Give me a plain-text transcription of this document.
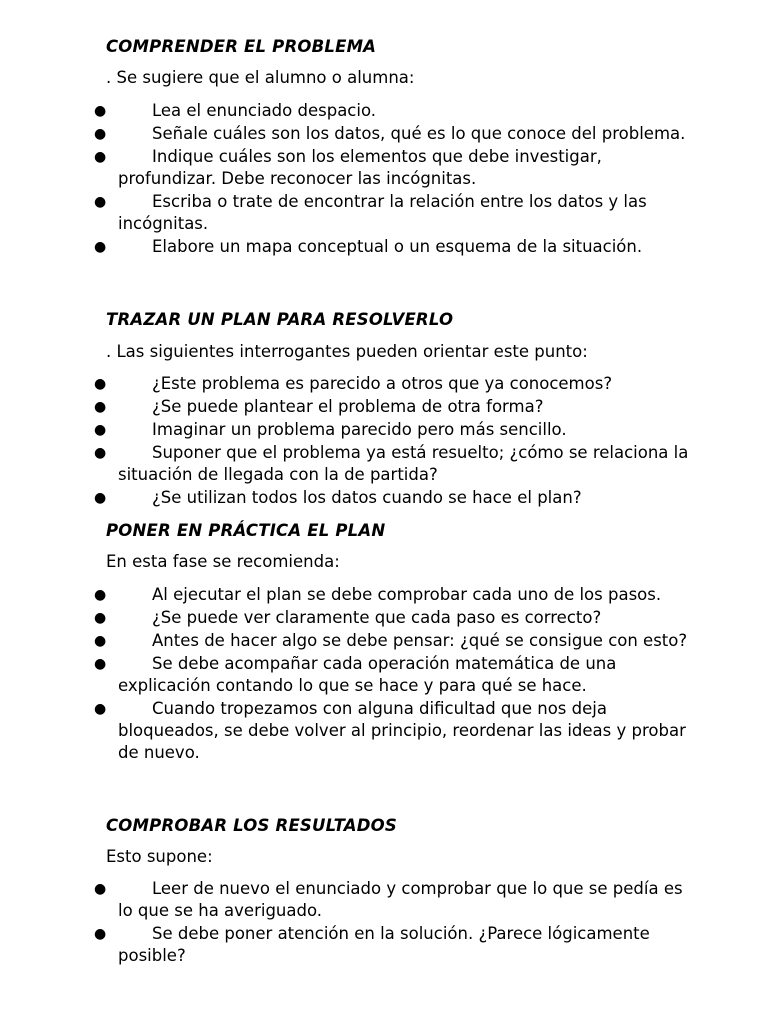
COMPRENDER EL PROBLEMA

. Se sugiere que el alumno o alumna:

●	Lea el enunciado despacio.
●	Señale cuáles son los datos, qué es lo que conoce del problema.
●	Indique cuáles son los elementos que debe investigar, profundizar. Debe reconocer las incógnitas.
●	Escriba o trate de encontrar la relación entre los datos y las incógnitas.
●	Elabore un mapa conceptual o un esquema de la situación.
TRAZAR UN PLAN PARA RESOLVERLO

. Las siguientes interrogantes pueden orientar este punto:

●	¿Este problema es parecido a otros que ya conocemos?
●	¿Se puede plantear el problema de otra forma?
●	Imaginar un problema parecido pero más sencillo.
●	Suponer que el problema ya está resuelto; ¿cómo se relaciona la situación de llegada con la de partida?
●	¿Se utilizan todos los datos cuando se hace el plan?
PONER EN PRÁCTICA EL PLAN

En esta fase se recomienda:

●	Al ejecutar el plan se debe comprobar cada uno de los pasos.
●	¿Se puede ver claramente que cada paso es correcto?
●	Antes de hacer algo se debe pensar: ¿qué se consigue con esto?
●	Se debe acompañar cada operación matemática de una explicación contando lo que se hace y para qué se hace.
●	Cuando tropezamos con alguna dificultad que nos deja bloqueados, se debe volver al principio, reordenar las ideas y probar de nuevo.
COMPROBAR LOS RESULTADOS

Esto supone:

●	Leer de nuevo el enunciado y comprobar que lo que se pedía es lo que se ha averiguado.
●	Se debe poner atención en la solución. ¿Parece lógicamente posible?
